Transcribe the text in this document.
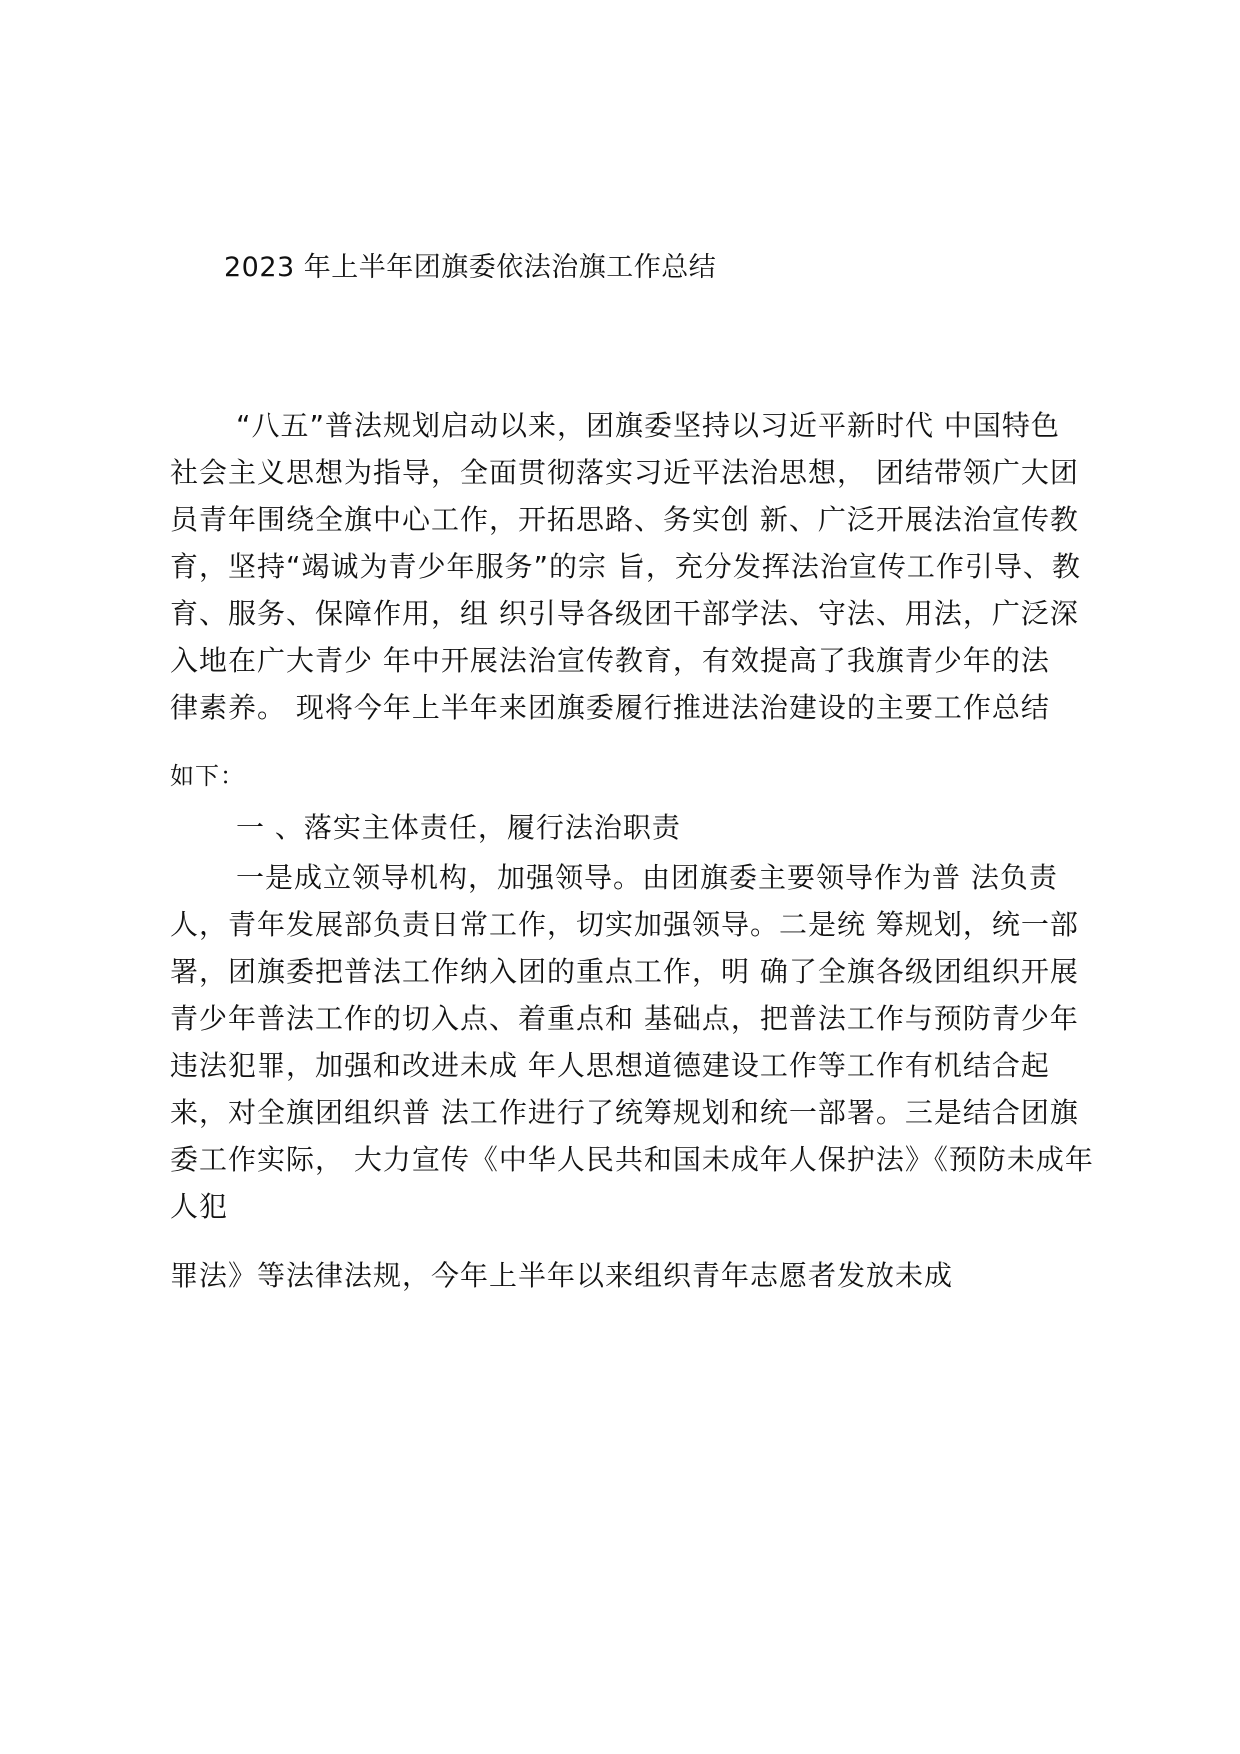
2023 年上半年团旗委依法治旗工作总结
“八五”普法规划启动以来，团旗委坚持以习近平新时代 中国特色
社会主义思想为指导，全面贯彻落实习近平法治思想， 团结带领广大团
员青年围绕全旗中心工作，开拓思路、务实创 新、广泛开展法治宣传教
育，坚持“竭诚为青少年服务”的宗 旨，充分发挥法治宣传工作引导、教
育、服务、保障作用，组 织引导各级团干部学法、守法、用法，广泛深
入地在广大青少 年中开展法治宣传教育，有效提高了我旗青少年的法
律素养。 现将今年上半年来团旗委履行推进法治建设的主要工作总结
如下：
一 、落实主体责任，履行法治职责
一是成立领导机构，加强领导。由团旗委主要领导作为普 法负责
人，青年发展部负责日常工作，切实加强领导。二是统 筹规划，统一部
署，团旗委把普法工作纳入团的重点工作，明 确了全旗各级团组织开展
青少年普法工作的切入点、着重点和 基础点，把普法工作与预防青少年
违法犯罪，加强和改进未成 年人思想道德建设工作等工作有机结合起
来，对全旗团组织普 法工作进行了统筹规划和统一部署。三是结合团旗
委工作实际， 大力宣传《中华人民共和国未成年人保护法》《预防未成年
人犯
罪法》等法律法规，今年上半年以来组织青年志愿者发放未成
